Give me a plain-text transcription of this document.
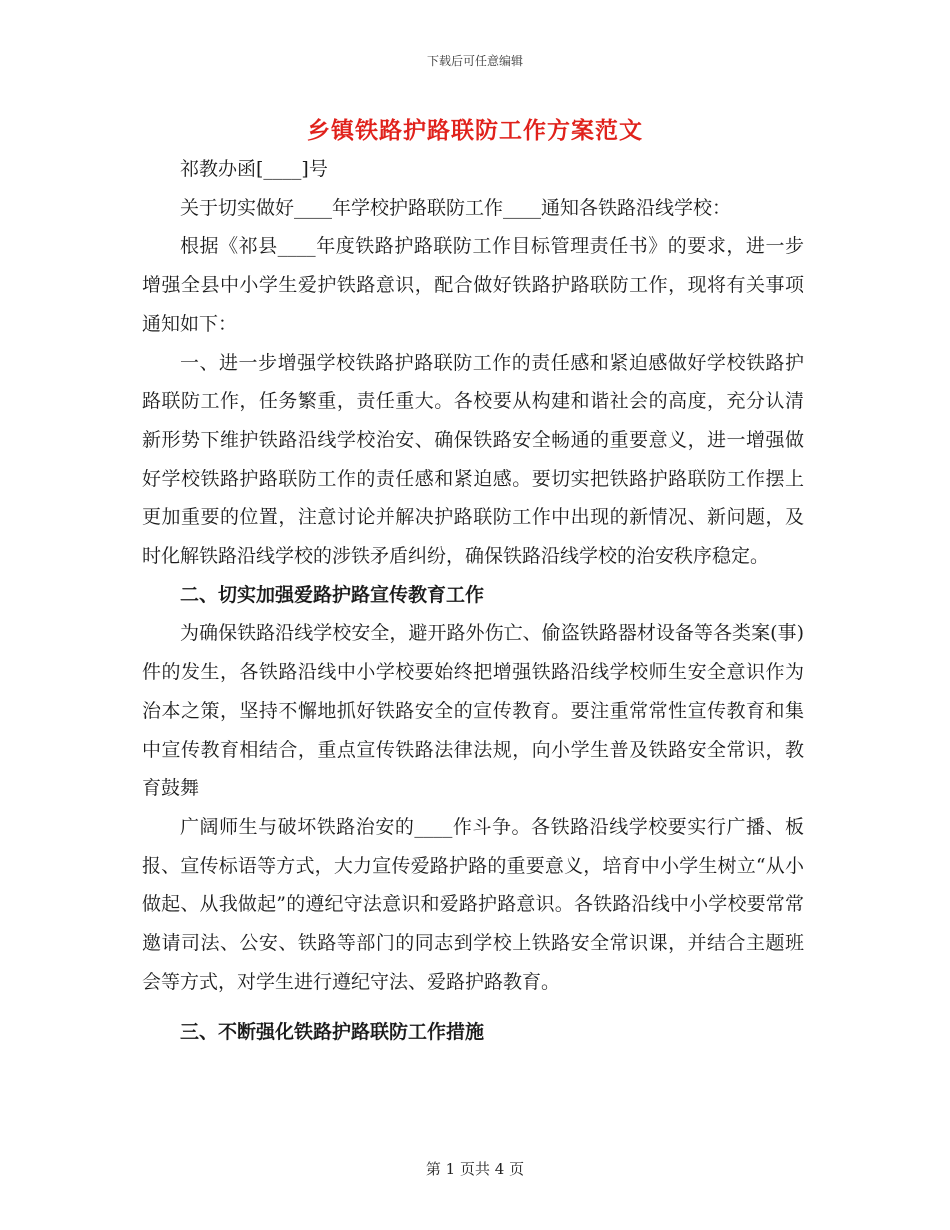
下载后可任意编辑
乡镇铁路护路联防工作方案范文

祁教办函[____]号

关于切实做好____年学校护路联防工作____通知各铁路沿线学校：

根据《祁县____年度铁路护路联防工作目标管理责任书》的要求，进一步增强全县中小学生爱护铁路意识，配合做好铁路护路联防工作，现将有关事项通知如下：

一、进一步增强学校铁路护路联防工作的责任感和紧迫感做好学校铁路护路联防工作，任务繁重，责任重大。各校要从构建和谐社会的高度，充分认清新形势下维护铁路沿线学校治安、确保铁路安全畅通的重要意义，进一增强做好学校铁路护路联防工作的责任感和紧迫感。要切实把铁路护路联防工作摆上更加重要的位置，注意讨论并解决护路联防工作中出现的新情况、新问题，及时化解铁路沿线学校的涉铁矛盾纠纷，确保铁路沿线学校的治安秩序稳定。

二、切实加强爱路护路宣传教育工作

为确保铁路沿线学校安全，避开路外伤亡、偷盗铁路器材设备等各类案(事)件的发生，各铁路沿线中小学校要始终把增强铁路沿线学校师生安全意识作为治本之策，坚持不懈地抓好铁路安全的宣传教育。要注重常常性宣传教育和集中宣传教育相结合，重点宣传铁路法律法规，向小学生普及铁路安全常识，教育鼓舞

广阔师生与破坏铁路治安的____作斗争。各铁路沿线学校要实行广播、板报、宣传标语等方式，大力宣传爱路护路的重要意义，培育中小学生树立“从小做起、从我做起”的遵纪守法意识和爱路护路意识。各铁路沿线中小学校要常常邀请司法、公安、铁路等部门的同志到学校上铁路安全常识课，并结合主题班会等方式，对学生进行遵纪守法、爱路护路教育。

三、不断强化铁路护路联防工作措施

第 1 页共 4 页
